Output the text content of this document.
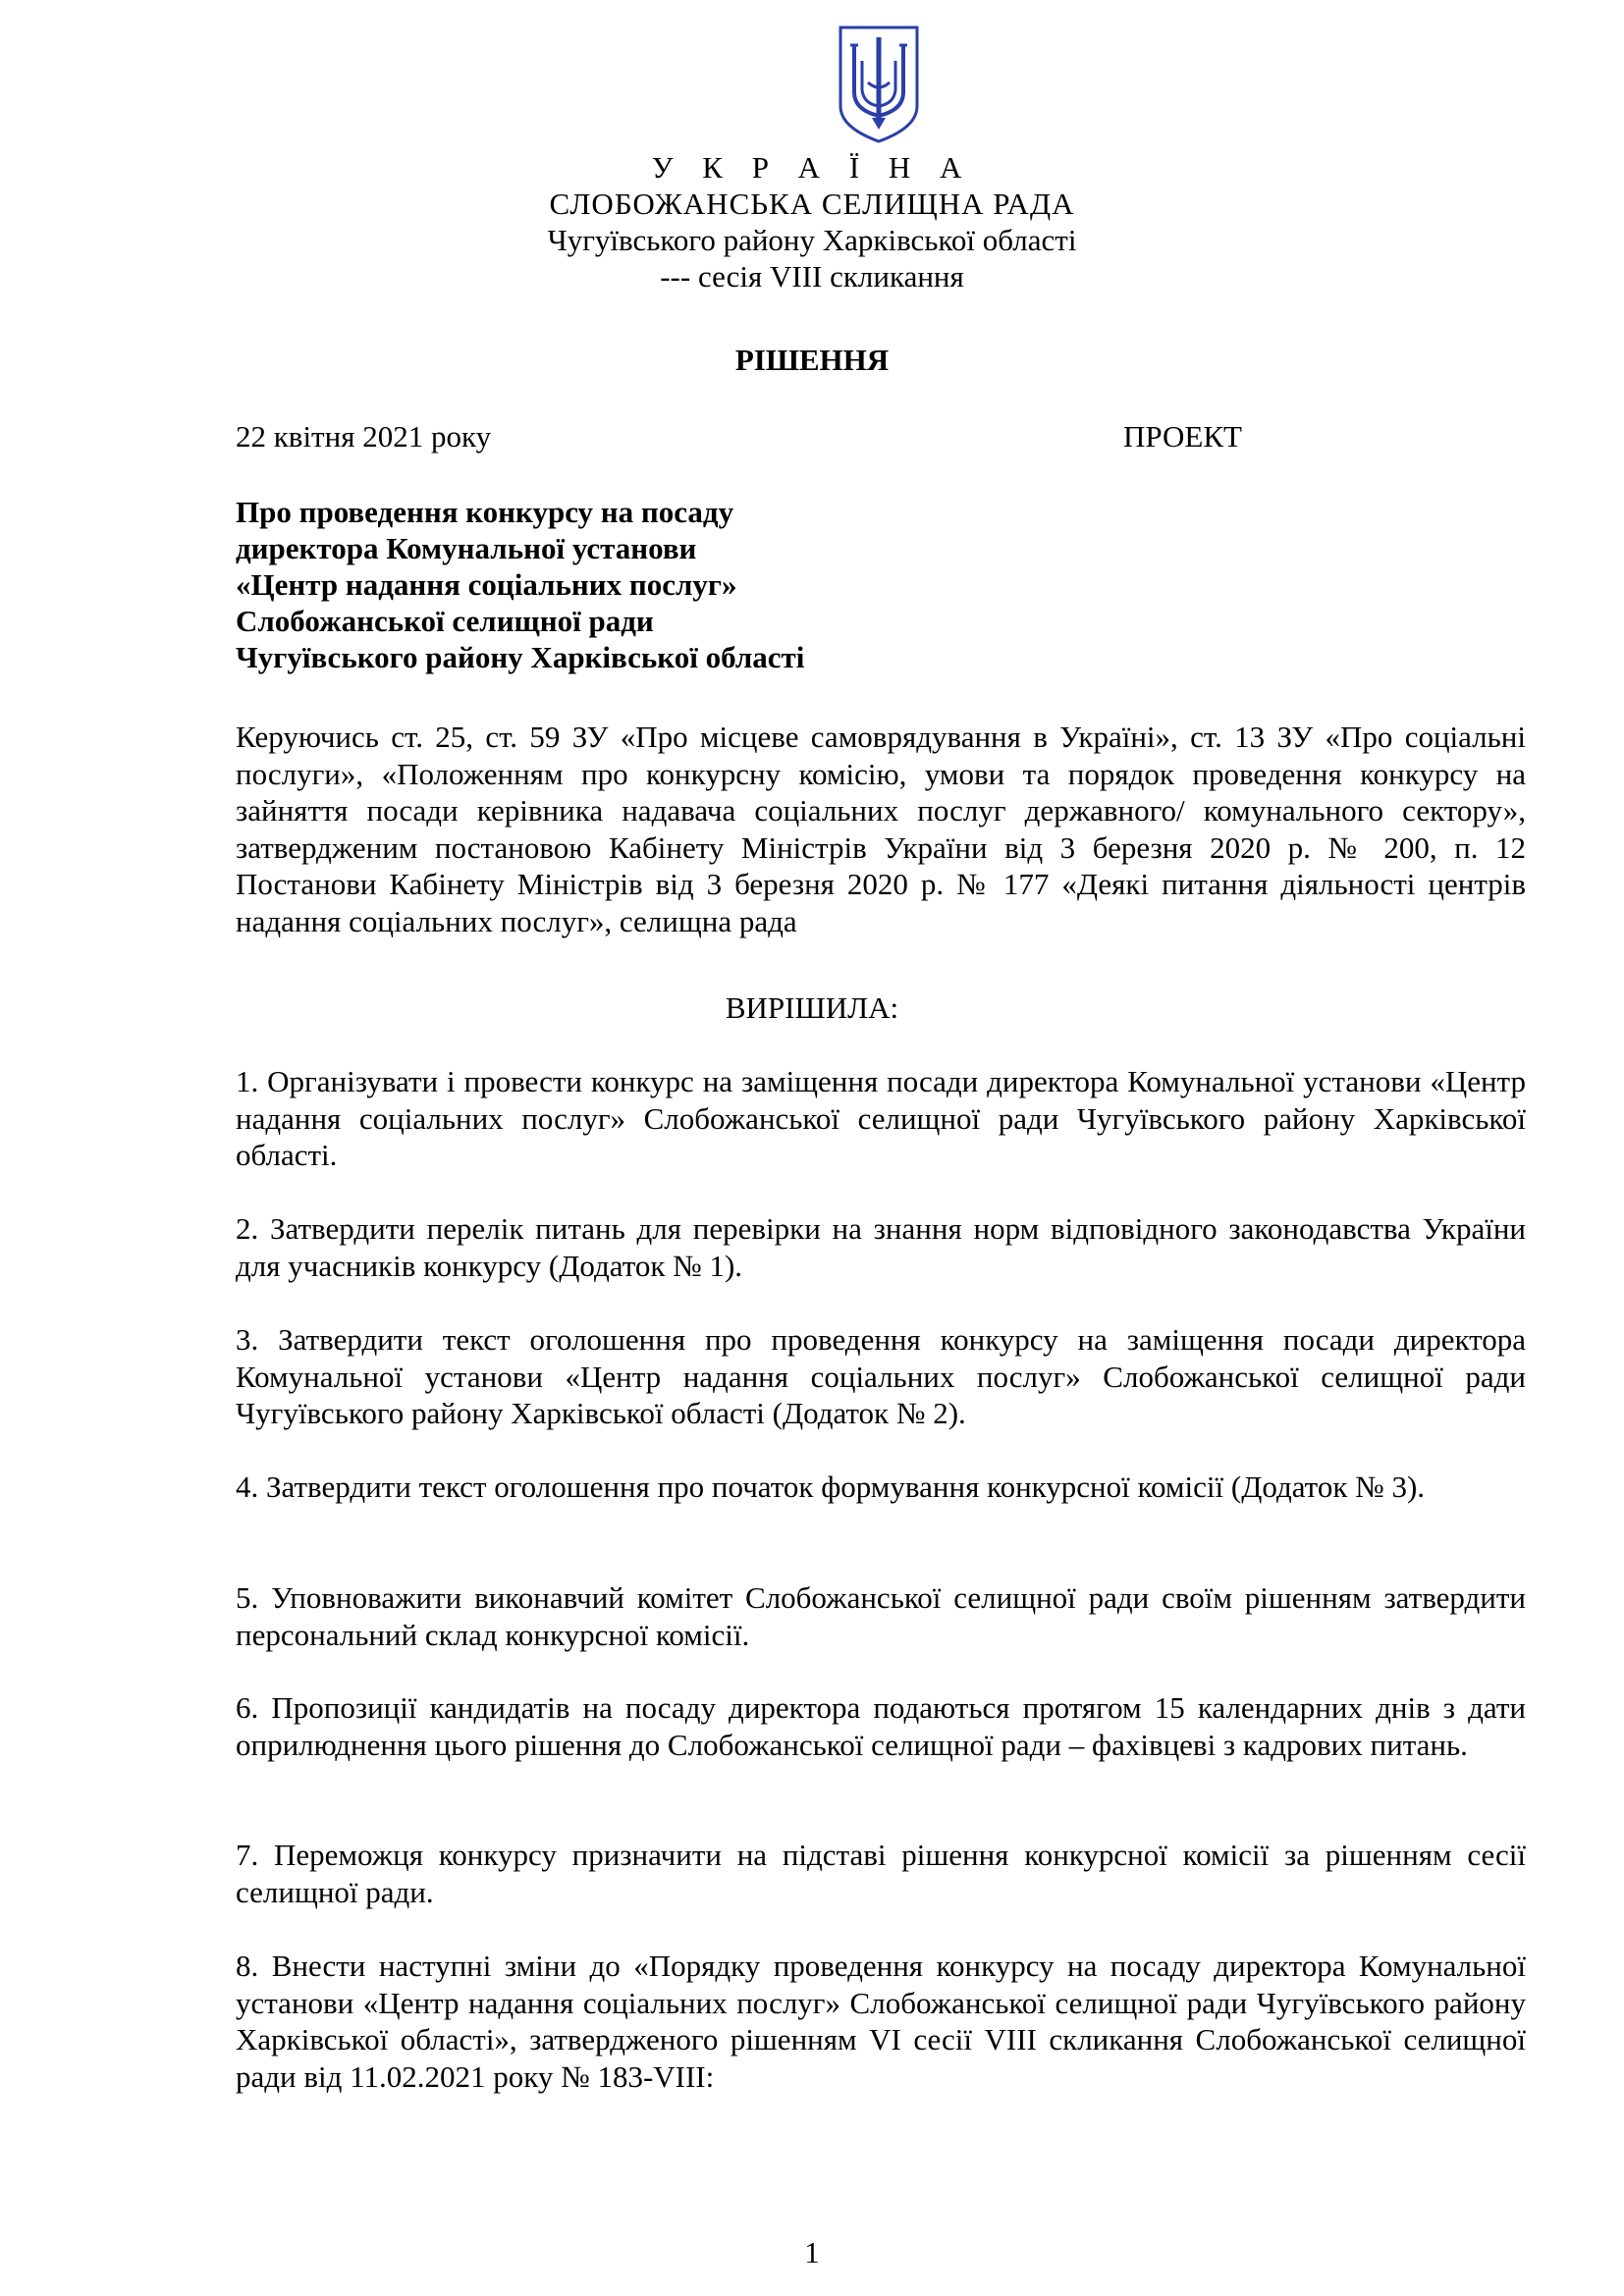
У К Р А Ї Н А
СЛОБОЖАНСЬКА СЕЛИЩНА РАДА
Чугуївського району Харківської області
--- сесія VIII скликання
РІШЕННЯ
22 квітня 2021 року	ПРОЕКТ
Про проведення конкурсу на посаду
директора Комунальної установи
«Центр надання соціальних послуг»
Слобожанської селищної ради
Чугуївського району Харківської області
Керуючись ст. 25, ст. 59 ЗУ «Про місцеве самоврядування в Україні», ст. 13 ЗУ «Про соціальні послуги», «Положенням про конкурсну комісію, умови та порядок проведення конкурсу на зайняття посади керівника надавача соціальних послуг державного/ комунального сектору», затвердженим постановою Кабінету Міністрів України від 3 березня 2020 р. № 200, п. 12 Постанови Кабінету Міністрів від 3 березня 2020 р. № 177 «Деякі питання діяльності центрів надання соціальних послуг», селищна рада
ВИРІШИЛА:
1. Організувати і провести конкурс на заміщення посади директора Комунальної установи «Центр надання соціальних послуг» Слобожанської селищної ради Чугуївського району Харківської області.
2. Затвердити перелік питань для перевірки на знання норм відповідного законодавства України для учасників конкурсу (Додаток № 1).
3. Затвердити текст оголошення про проведення конкурсу на заміщення посади директора Комунальної установи «Центр надання соціальних послуг» Слобожанської селищної ради Чугуївського району Харківської області (Додаток № 2).
4. Затвердити текст оголошення про початок формування конкурсної комісії (Додаток № 3).
5. Уповноважити виконавчий комітет Слобожанської селищної ради своїм рішенням затвердити персональний склад конкурсної комісії.
6. Пропозиції кандидатів на посаду директора подаються протягом 15 календарних днів з дати оприлюднення цього рішення до Слобожанської селищної ради – фахівцеві з кадрових питань.
7. Переможця конкурсу призначити на підставі рішення конкурсної комісії за рішенням сесії селищної ради.
8. Внести наступні зміни до «Порядку проведення конкурсу на посаду директора Комунальної установи «Центр надання соціальних послуг» Слобожанської селищної ради Чугуївського району Харківської області», затвердженого рішенням VI сесії VIII скликання Слобожанської селищної ради від 11.02.2021 року № 183-VIII:
1
